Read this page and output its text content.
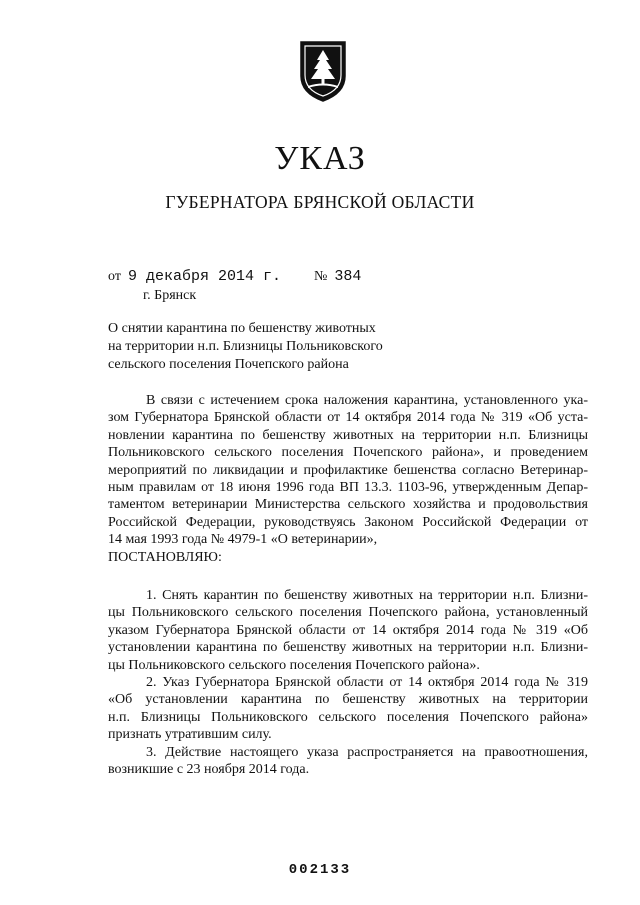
УКАЗ
ГУБЕРНАТОРА БРЯНСКОЙ ОБЛАСТИ
от 9 декабря 2014 г. № 384
г. Брянск
О снятии карантина по бешенству животных
на территории н.п. Близницы Польниковского
сельского поселения Почепского района
В связи с истечением срока наложения карантина, установленного ука-
зом Губернатора Брянской области от 14 октября 2014 года № 319 «Об уста-
новлении карантина по бешенству животных на территории н.п. Близницы
Польниковского сельского поселения Почепского района», и проведением
мероприятий по ликвидации и профилактике бешенства согласно Ветеринар-
ным правилам от 18 июня 1996 года ВП 13.3. 1103-96, утвержденным Депар-
таментом ветеринарии Министерства сельского хозяйства и продовольствия
Российской Федерации, руководствуясь Законом Российской Федерации от
14 мая 1993 года № 4979-1 «О ветеринарии»,
ПОСТАНОВЛЯЮ:
1. Снять карантин по бешенству животных на территории н.п. Близни-
цы Польниковского сельского поселения Почепского района, установленный
указом Губернатора Брянской области от 14 октября 2014 года № 319 «Об
установлении карантина по бешенству животных на территории н.п. Близни-
цы Польниковского сельского поселения Почепского района».
2. Указ Губернатора Брянской области от 14 октября 2014 года № 319
«Об установлении карантина по бешенству животных на территории
н.п. Близницы Польниковского сельского поселения Почепского района»
признать утратившим силу.
3. Действие настоящего указа распространяется на правоотношения,
возникшие с 23 ноября 2014 года.
002133
